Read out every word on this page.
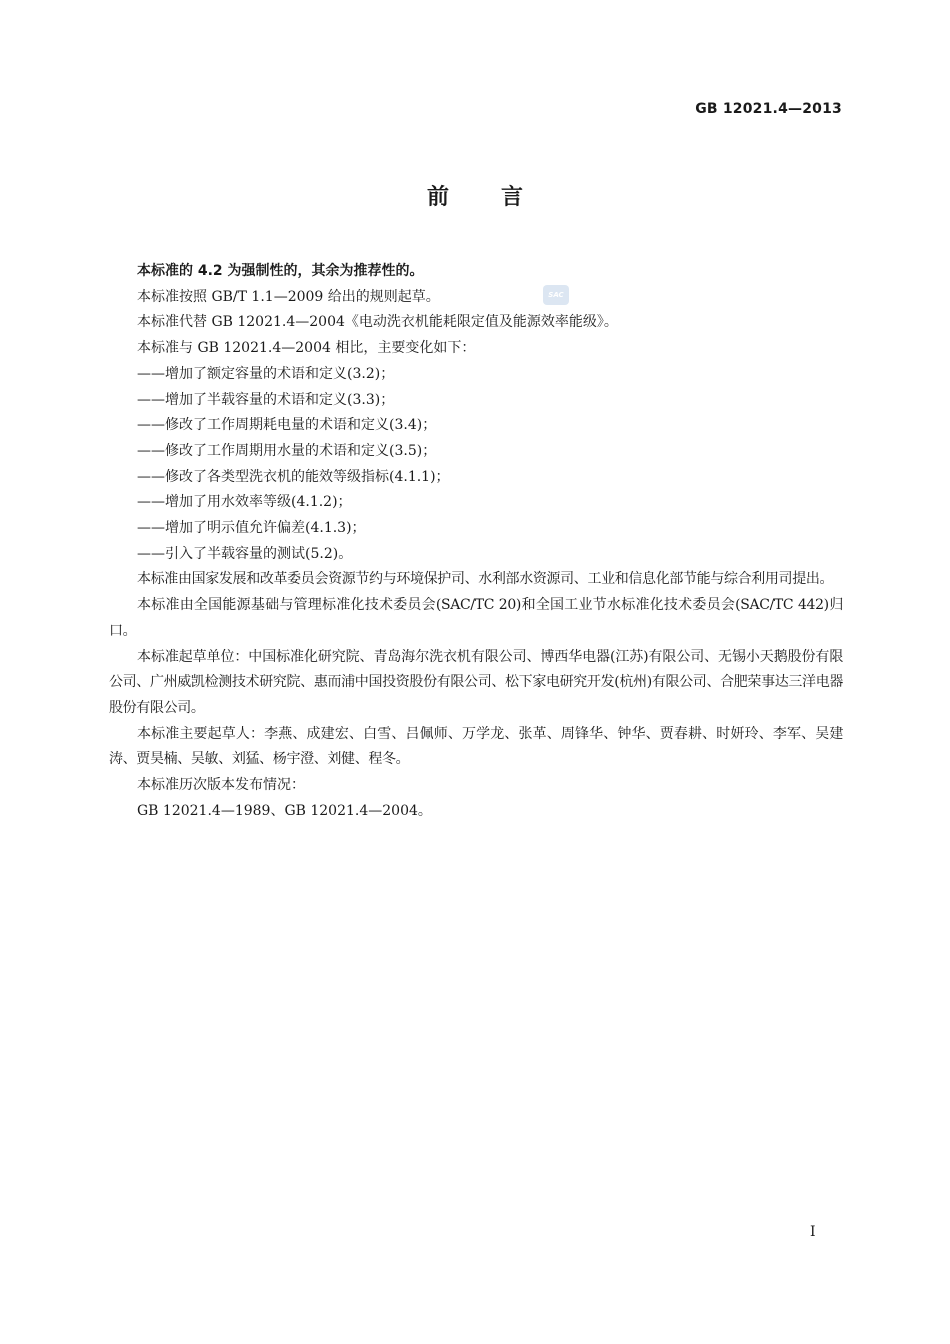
GB 12021.4—2013
前言
SAC

本标准的 4.2 为强制性的，其余为推荐性的。

本标准按照 GB/T 1.1—2009 给出的规则起草。

本标准代替 GB 12021.4—2004《电动洗衣机能耗限定值及能源效率能级》。

本标准与 GB 12021.4—2004 相比，主要变化如下：

——增加了额定容量的术语和定义(3.2)；

——增加了半载容量的术语和定义(3.3)；

——修改了工作周期耗电量的术语和定义(3.4)；

——修改了工作周期用水量的术语和定义(3.5)；

——修改了各类型洗衣机的能效等级指标(4.1.1)；

——增加了用水效率等级(4.1.2)；

——增加了明示值允许偏差(4.1.3)；

——引入了半载容量的测试(5.2)。

本标准由国家发展和改革委员会资源节约与环境保护司、水利部水资源司、工业和信息化部节能与综合利用司提出。

本标准由全国能源基础与管理标准化技术委员会(SAC/TC 20)和全国工业节水标准化技术委员会(SAC/TC 442)归口。

本标准起草单位：中国标准化研究院、青岛海尔洗衣机有限公司、博西华电器(江苏)有限公司、无锡小天鹅股份有限公司、广州威凯检测技术研究院、惠而浦中国投资股份有限公司、松下家电研究开发(杭州)有限公司、合肥荣事达三洋电器股份有限公司。

本标准主要起草人：李燕、成建宏、白雪、吕佩师、万学龙、张革、周锋华、钟华、贾春耕、时妍玲、李军、吴建涛、贾昊楠、吴敏、刘猛、杨宇澄、刘健、程冬。

本标准历次版本发布情况：

GB 12021.4—1989、GB 12021.4—2004。

I
